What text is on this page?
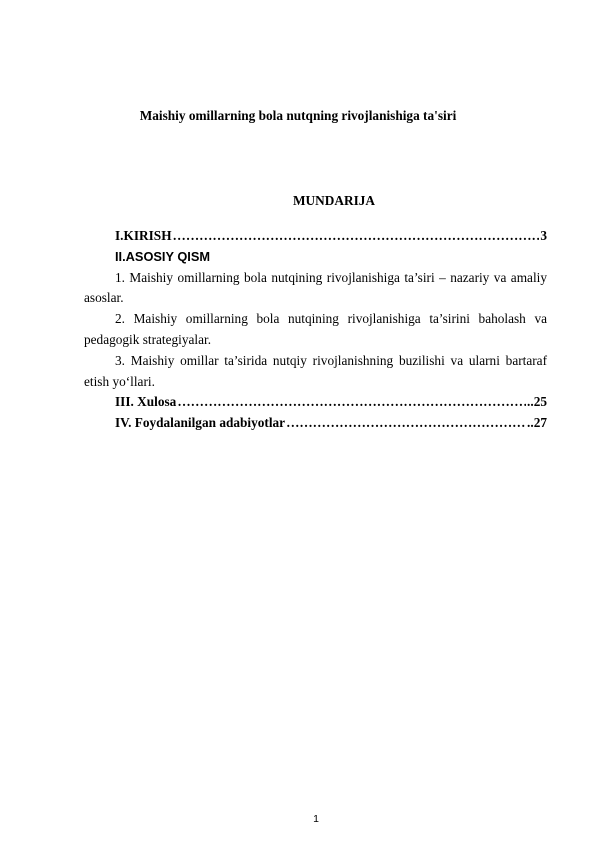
Maishiy omillarning bola nutqning rivojlanishiga ta'siri
MUNDARIJA
I.KIRISH ………………………………………………………………………………………………………………………………………	3
II.ASOSIY QISM
1. Maishiy omillarning bola nutqining rivojlanishiga ta’siri – nazariy va amaliy asoslar.
2. Maishiy omillarning bola nutqining rivojlanishiga ta’sirini baholash va pedagogik strategiyalar.
3. Maishiy omillar ta’sirida nutqiy rivojlanishning buzilishi va ularni bartaraf etish yo‘llari.
III. Xulosa ………………………………………………………………………………………………………………………………………	..25
IV. Foydalanilgan adabiyotlar ………………………………………………………………………………………………………………………………………	..27
1
